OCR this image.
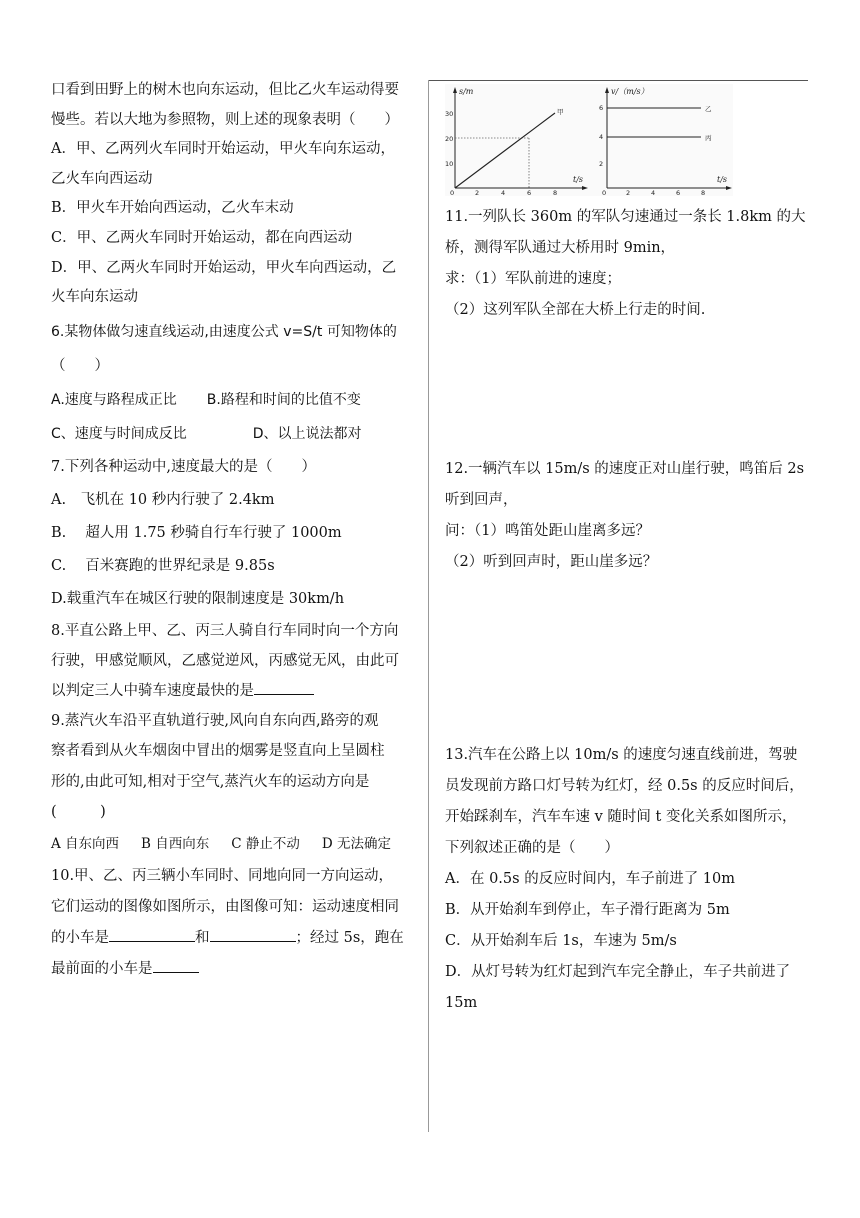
口看到田野上的树木也向东运动，但比乙火车运动得要
慢些。若以大地为参照物，则上述的现象表明（　　）
A．甲、乙两列火车同时开始运动，甲火车向东运动，
乙火车向西运动
B．甲火车开始向西运动，乙火车末动
C．甲、乙两火车同时开始运动，都在向西运动
D．甲、乙两火车同时开始运动，甲火车向西运动，乙
火车向东运动
6.某物体做匀速直线运动,由速度公式 v=S/t 可知物体的
（　　）
A.速度与路程成正比 B.路程和时间的比值不变
C、速度与时间成反比	D、以上说法都对
7.下列各种运动中,速度最大的是（　　）
A.　飞机在 10 秒内行驶了 2.4km
B.　 超人用 1.75 秒骑自行车行驶了 1000m
C.　 百米赛跑的世界纪录是 9.85s
D.载重汽车在城区行驶的限制速度是 30km/h
8.平直公路上甲、乙、丙三人骑自行车同时向一个方向
行驶，甲感觉顺风，乙感觉逆风，丙感觉无风，由此可
以判定三人中骑车速度最快的是
9.蒸汽火车沿平直轨道行驶,风向自东向西,路旁的观
察者看到从火车烟囱中冒出的烟雾是竖直向上呈圆柱
形的,由此可知,相对于空气,蒸汽火车的运动方向是
(　　　)
A 自东向西 B 自西向东 C 静止不动 D 无法确定
10.甲、乙、丙三辆小车同时、同地向同一方向运动，
它们运动的图像如图所示，由图像可知：运动速度相同
的小车是	和	；经过 5s，跑在
最前面的小车是
s/m
t/s
30
20
10
0	2	4	6	8
甲
v/（m/s）
t/s
6
4
2
0	2	4	6	8
乙
丙
11.一列队长 360m 的军队匀速通过一条长 1.8km 的大
桥，测得军队通过大桥用时 9min，
求：（1）军队前进的速度；
（2）这列军队全部在大桥上行走的时间.
12.一辆汽车以 15m/s 的速度正对山崖行驶，鸣笛后 2s
听到回声，
问：（1）鸣笛处距山崖离多远？
（2）听到回声时，距山崖多远？
13.汽车在公路上以 10m/s 的速度匀速直线前进，驾驶
员发现前方路口灯号转为红灯，经 0.5s 的反应时间后，
开始踩刹车，汽车车速 v 随时间 t 变化关系如图所示，
下列叙述正确的是（　　）
A．在 0.5s 的反应时间内，车子前进了 10m
B．从开始刹车到停止，车子滑行距离为 5m
C．从开始刹车后 1s，车速为 5m/s
D．从灯号转为红灯起到汽车完全静止，车子共前进了
15m
